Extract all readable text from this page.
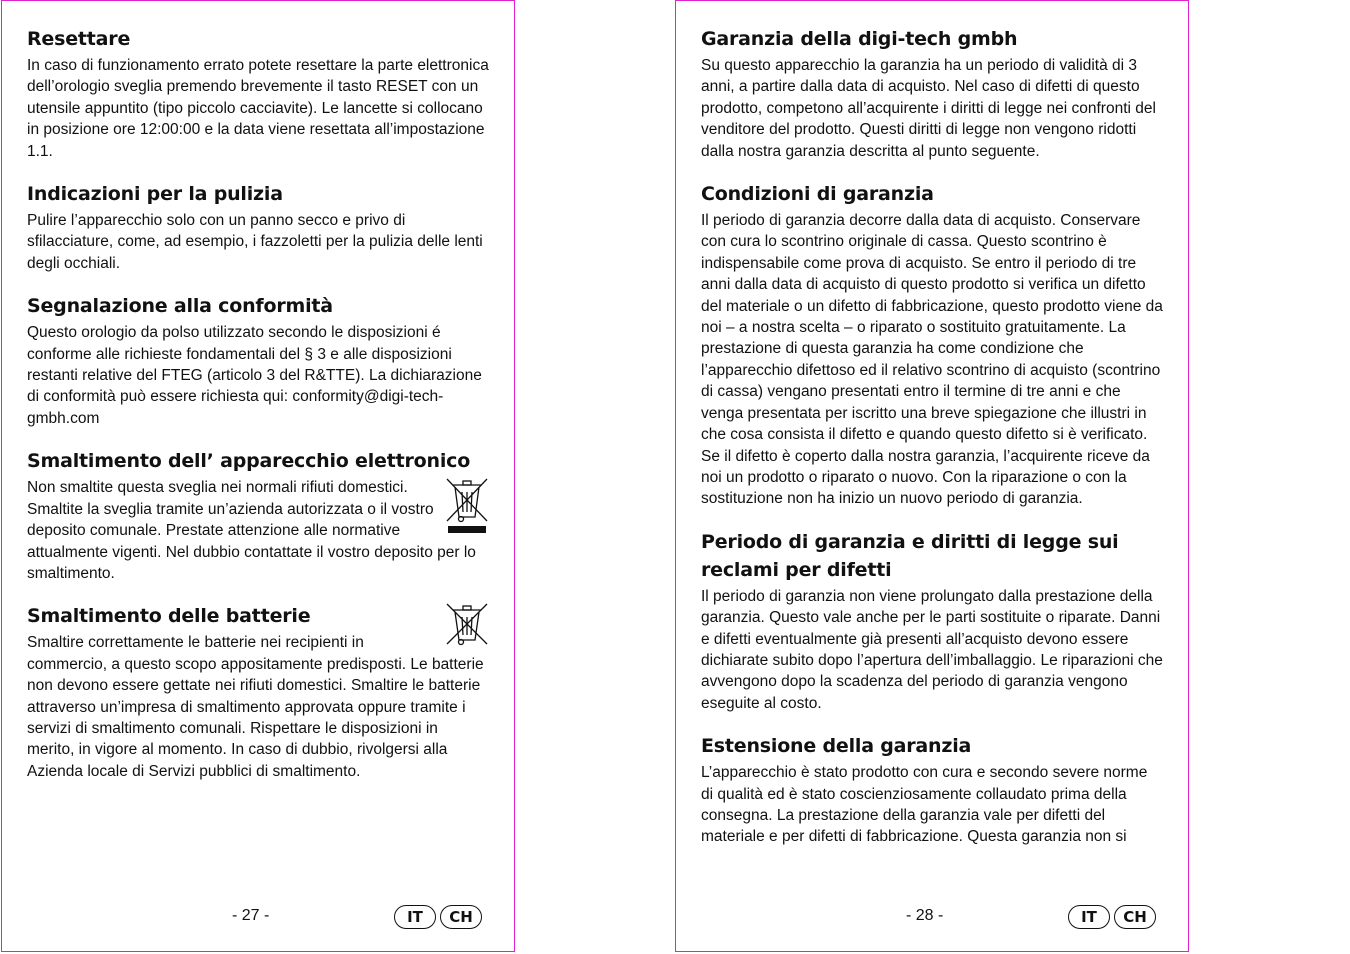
Resettare

In caso di funzionamento errato potete resettare la parte elettronica dell’orologio sveglia premendo brevemente il tasto RESET con un utensile appuntito (tipo piccolo cacciavite). Le lancette si collocano in posizione ore 12:00:00 e la data viene resettata all’impostazione 1.1.

Indicazioni per la pulizia

Pulire l’apparecchio solo con un panno secco e privo di sfilacciature, come, ad esempio, i fazzoletti per la pulizia delle lenti degli occhiali.

Segnalazione alla conformità

Questo orologio da polso utilizzato secondo le disposizioni é conforme alle richieste fondamentali del § 3 e alle disposizioni restanti relative del FTEG (articolo 3 del R&TTE). La dichiarazione di conformità può essere richiesta qui: conformity@digi-tech-gmbh.com

Smaltimento dell’ apparecchio elettronico

Non smaltite questa sveglia nei normali rifiuti domestici. Smaltite la sveglia tramite un’azienda autorizzata o il vostro deposito comunale. Prestate attenzione alle normative attualmente vigenti. Nel dubbio contattate il vostro deposito per lo smaltimento.

Smaltimento delle batterie

Smaltire correttamente le batterie nei recipienti in commercio, a questo scopo appositamente predisposti. Le batterie non devono essere gettate nei rifiuti domestici. Smaltire le batterie attraverso un’impresa di smaltimento approvata oppure tramite i servizi di smaltimento comunali. Rispettare le disposizioni in merito, in vigore al momento. In caso di dubbio, rivolgersi alla Azienda locale di Servizi pubblici di smaltimento.

- 27 -	IT	CH
Garanzia della digi-tech gmbh

Su questo apparecchio la garanzia ha un periodo di validità di 3 anni, a partire dalla data di acquisto. Nel caso di difetti di questo prodotto, competono all’acquirente i diritti di legge nei confronti del venditore del prodotto. Questi diritti di legge non vengono ridotti dalla nostra garanzia descritta al punto seguente.

Condizioni di garanzia

Il periodo di garanzia decorre dalla data di acquisto. Conservare con cura lo scontrino originale di cassa. Questo scontrino è indispensabile come prova di acquisto. Se entro il periodo di tre anni dalla data di acquisto di questo prodotto si verifica un difetto del materiale o un difetto di fabbricazione, questo prodotto viene da noi – a nostra scelta – o riparato o sostituito gratuitamente. La prestazione di questa garanzia ha come condizione che l’apparecchio difettoso ed il relativo scontrino di acquisto (scontrino di cassa) vengano presentati entro il termine di tre anni e che venga presentata per iscritto una breve spiegazione che illustri in che cosa consista il difetto e quando questo difetto si è verificato. Se il difetto è coperto dalla nostra garanzia, l’acquirente riceve da noi un prodotto o riparato o nuovo. Con la riparazione o con la sostituzione non ha inizio un nuovo periodo di garanzia.

Periodo di garanzia e diritti di legge sui reclami per difetti

Il periodo di garanzia non viene prolungato dalla prestazione della garanzia. Questo vale anche per le parti sostituite o riparate. Danni e difetti eventualmente già presenti all’acquisto devono essere dichiarate subito dopo l’apertura dell’imballaggio. Le riparazioni che avvengono dopo la scadenza del periodo di garanzia vengono eseguite al costo.

Estensione della garanzia

L’apparecchio è stato prodotto con cura e secondo severe norme di qualità ed è stato coscienziosamente collaudato prima della consegna. La prestazione della garanzia vale per difetti del materiale e per difetti di fabbricazione. Questa garanzia non si

- 28 -	IT	CH
